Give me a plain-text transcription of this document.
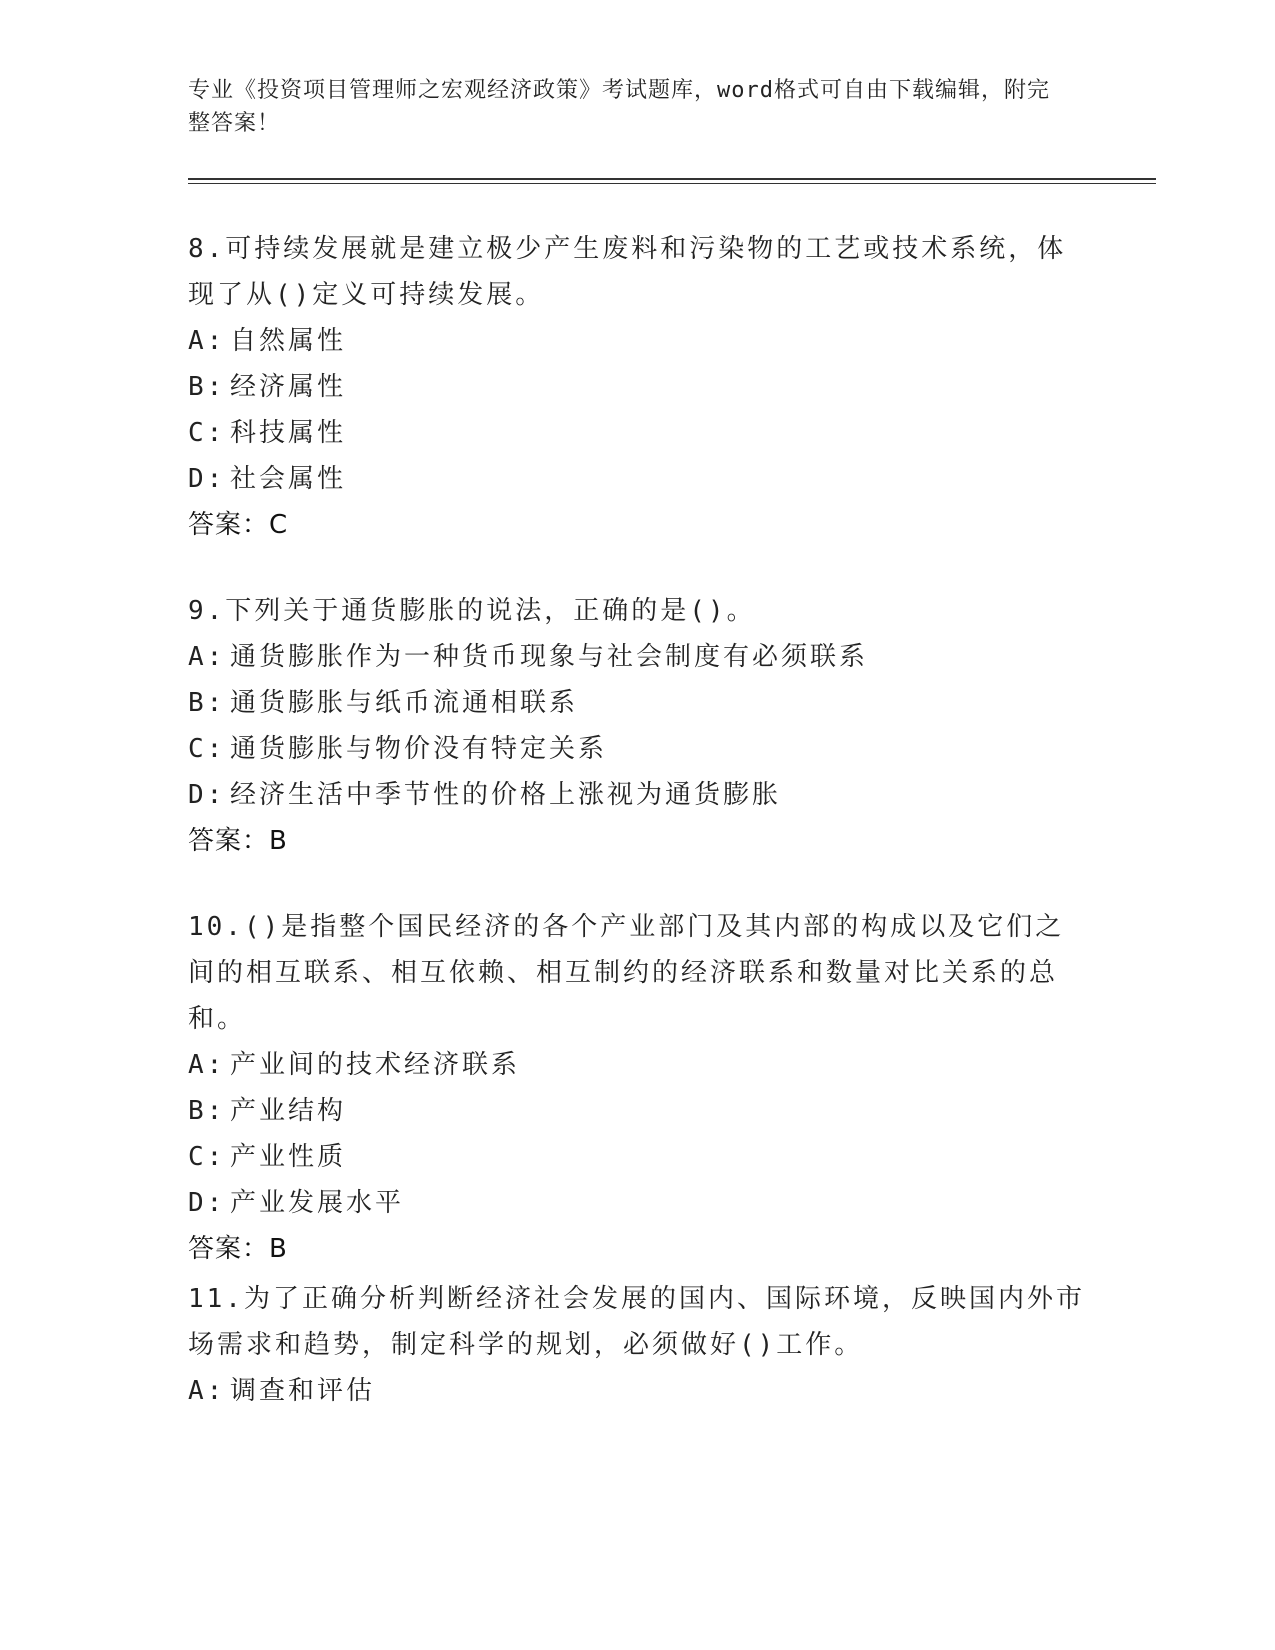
专业《投资项目管理师之宏观经济政策》考试题库，word格式可自由下载编辑，附完整答案！

8.可持续发展就是建立极少产生废料和污染物的工艺或技术系统，体现了从()定义可持续发展。

A: 自然属性
B: 经济属性
C: 科技属性
D: 社会属性
答案：C

9.下列关于通货膨胀的说法，正确的是()。

A: 通货膨胀作为一种货币现象与社会制度有必须联系
B: 通货膨胀与纸币流通相联系
C: 通货膨胀与物价没有特定关系
D: 经济生活中季节性的价格上涨视为通货膨胀
答案：B

10.()是指整个国民经济的各个产业部门及其内部的构成以及它们之间的相互联系、相互依赖、相互制约的经济联系和数量对比关系的总和。

A: 产业间的技术经济联系
B: 产业结构
C: 产业性质
D: 产业发展水平
答案：B

11.为了正确分析判断经济社会发展的国内、国际环境，反映国内外市场需求和趋势，制定科学的规划，必须做好()工作。

A: 调查和评估
